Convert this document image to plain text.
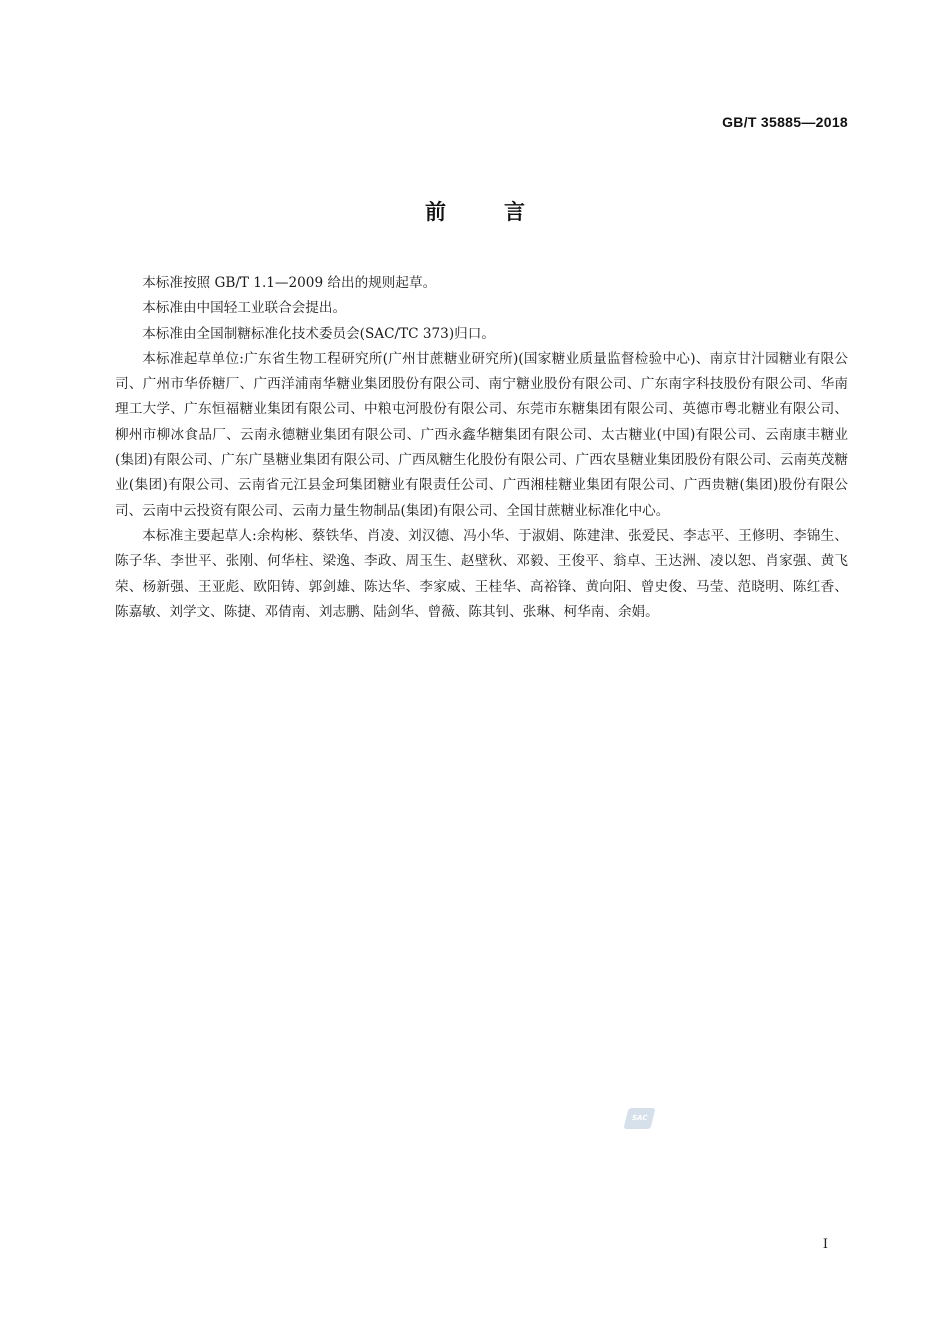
GB/T 35885—2018
前言

本标准按照 GB/T 1.1—2009 给出的规则起草。

本标准由中国轻工业联合会提出。

本标准由全国制糖标准化技术委员会(SAC/TC 373)归口。

本标准起草单位:广东省生物工程研究所(广州甘蔗糖业研究所)(国家糖业质量监督检验中心)、南京甘汁园糖业有限公司、广州市华侨糖厂、广西洋浦南华糖业集团股份有限公司、南宁糖业股份有限公司、广东南字科技股份有限公司、华南理工大学、广东恒福糖业集团有限公司、中粮屯河股份有限公司、东莞市东糖集团有限公司、英德市粤北糖业有限公司、柳州市柳冰食品厂、云南永德糖业集团有限公司、广西永鑫华糖集团有限公司、太古糖业(中国)有限公司、云南康丰糖业(集团)有限公司、广东广垦糖业集团有限公司、广西凤糖生化股份有限公司、广西农垦糖业集团股份有限公司、云南英茂糖业(集团)有限公司、云南省元江县金珂集团糖业有限责任公司、广西湘桂糖业集团有限公司、广西贵糖(集团)股份有限公司、云南中云投资有限公司、云南力量生物制品(集团)有限公司、全国甘蔗糖业标准化中心。

本标准主要起草人:余构彬、蔡铁华、肖凌、刘汉德、冯小华、于淑娟、陈建津、张爱民、李志平、王修明、李锦生、陈子华、李世平、张刚、何华柱、梁逸、李政、周玉生、赵壁秋、邓毅、王俊平、翁卓、王达洲、凌以恕、肖家强、黄飞荣、杨新强、王亚彪、欧阳铸、郭剑雄、陈达华、李家威、王桂华、高裕锋、黄向阳、曾史俊、马莹、范晓明、陈红香、陈嘉敏、刘学文、陈捷、邓倩南、刘志鹏、陆剑华、曾薇、陈其钊、张琳、柯华南、余娟。

SAC
I
